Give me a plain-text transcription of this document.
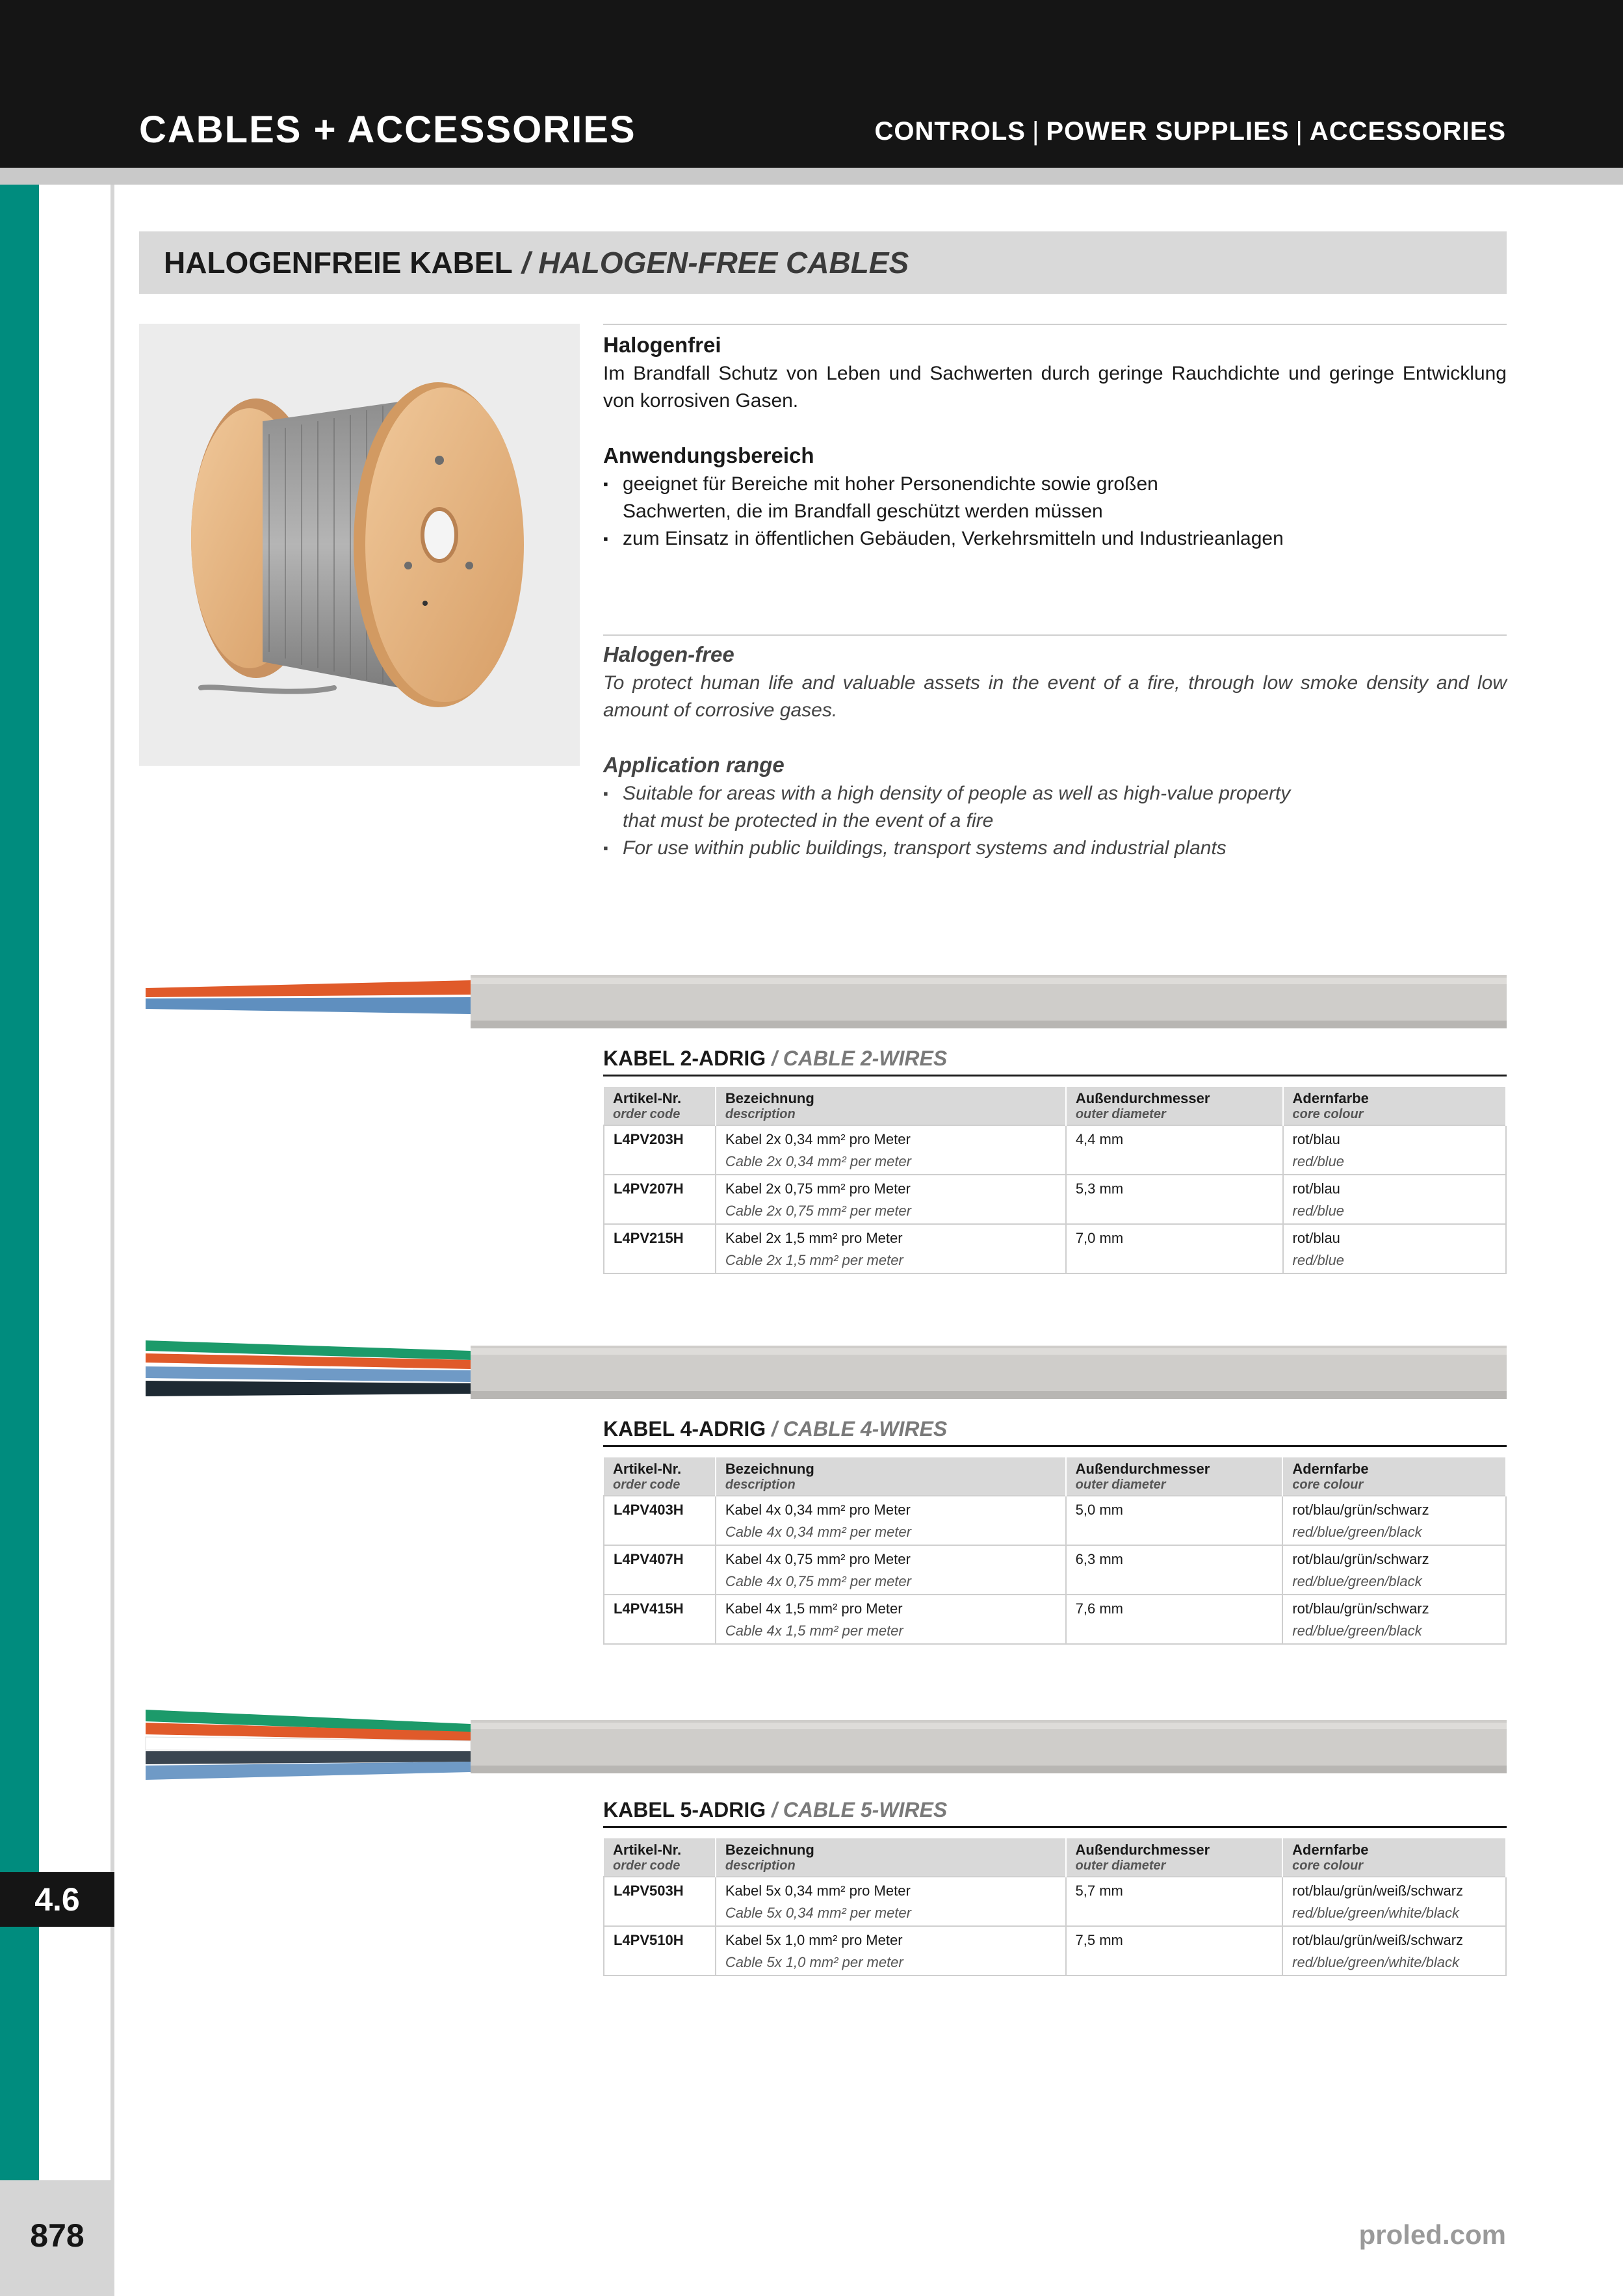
CABLES + ACCESSORIES	CONTROLS | POWER SUPPLIES | ACCESSORIES
4.6
878	proled.com
HALOGENFREIE KABEL / HALOGEN-FREE CABLES
Halogenfrei

Im Brandfall Schutz von Leben und Sachwerten durch geringe Rauchdichte und geringe Entwicklung von korrosiven Gasen.

Anwendungsbereich
▪ geeignet für Bereiche mit hoher Personendichte sowie großen Sachwerten, die im Brandfall geschützt werden müssen
▪ zum Einsatz in öffentlichen Gebäuden, Verkehrsmitteln und Industrieanlagen
Halogen-free

To protect human life and valuable assets in the event of a fire, through low smoke density and low amount of corrosive gases.

Application range
▪ Suitable for areas with a high density of people as well as high-value property that must be protected in the event of a fire
▪ For use within public buildings, transport systems and industrial plants
KABEL 2-ADRIG / CABLE 2-WIRES
Artikel-Nr.
order code	Bezeichnung
description	Außendurchmesser
outer diameter	Adernfarbe
core colour

L4PV203H	Kabel 2x 0,34 mm² pro Meter
Cable 2x 0,34 mm² per meter	4,4 mm	rot/blau
red/blue

L4PV207H	Kabel 2x 0,75 mm² pro Meter
Cable 2x 0,75 mm² per meter	5,3 mm	rot/blau
red/blue

L4PV215H	Kabel 2x 1,5 mm² pro Meter
Cable 2x 1,5 mm² per meter	7,0 mm	rot/blau
red/blue
KABEL 4-ADRIG / CABLE 4-WIRES
Artikel-Nr.
order code	Bezeichnung
description	Außendurchmesser
outer diameter	Adernfarbe
core colour

L4PV403H	Kabel 4x 0,34 mm² pro Meter
Cable 4x 0,34 mm² per meter	5,0 mm	rot/blau/grün/schwarz
red/blue/green/black

L4PV407H	Kabel 4x 0,75 mm² pro Meter
Cable 4x 0,75 mm² per meter	6,3 mm	rot/blau/grün/schwarz
red/blue/green/black

L4PV415H	Kabel 4x 1,5 mm² pro Meter
Cable 4x 1,5 mm² per meter	7,6 mm	rot/blau/grün/schwarz
red/blue/green/black
KABEL 5-ADRIG / CABLE 5-WIRES
Artikel-Nr.
order code	Bezeichnung
description	Außendurchmesser
outer diameter	Adernfarbe
core colour

L4PV503H	Kabel 5x 0,34 mm² pro Meter
Cable 5x 0,34 mm² per meter	5,7 mm	rot/blau/grün/weiß/schwarz
red/blue/green/white/black

L4PV510H	Kabel 5x 1,0 mm² pro Meter
Cable 5x 1,0 mm² per meter	7,5 mm	rot/blau/grün/weiß/schwarz
red/blue/green/white/black
